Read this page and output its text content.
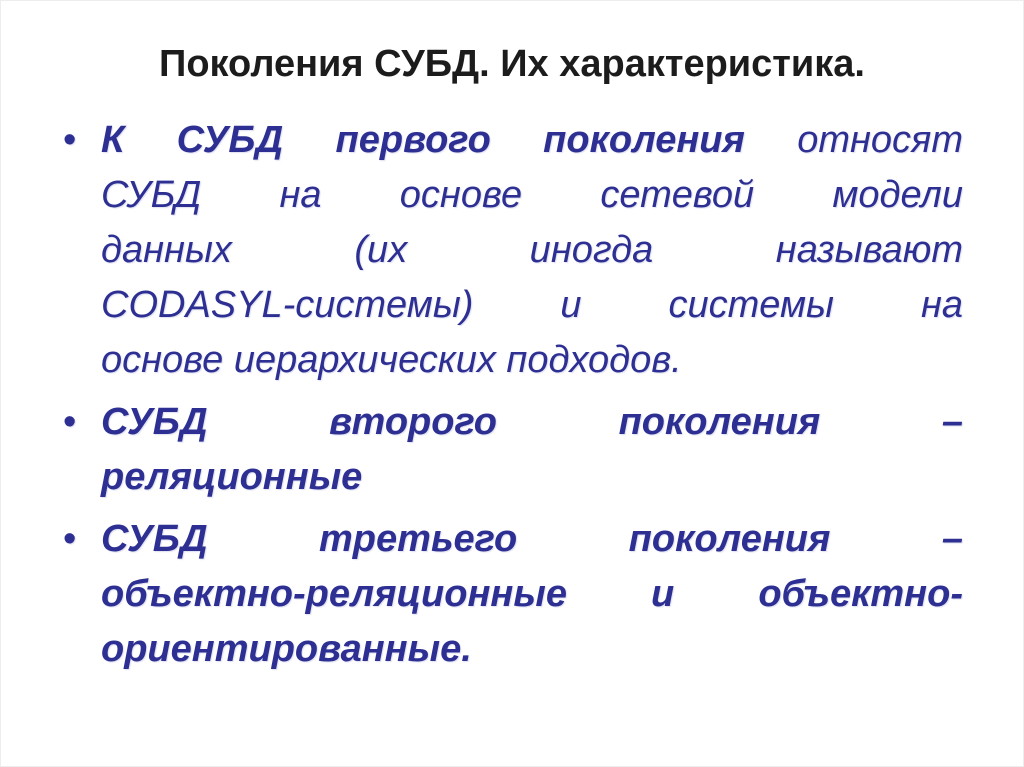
Поколения СУБД. Их характеристика.
• К СУБД первого поколения относят
СУБД на основе сетевой модели
данных (их иногда называют
CODASYL-системы) и системы на
основе иерархических подходов.
• СУБД второго поколения –
реляционные
• СУБД третьего поколения –
объектно-реляционные и объектно-
ориентированные.
